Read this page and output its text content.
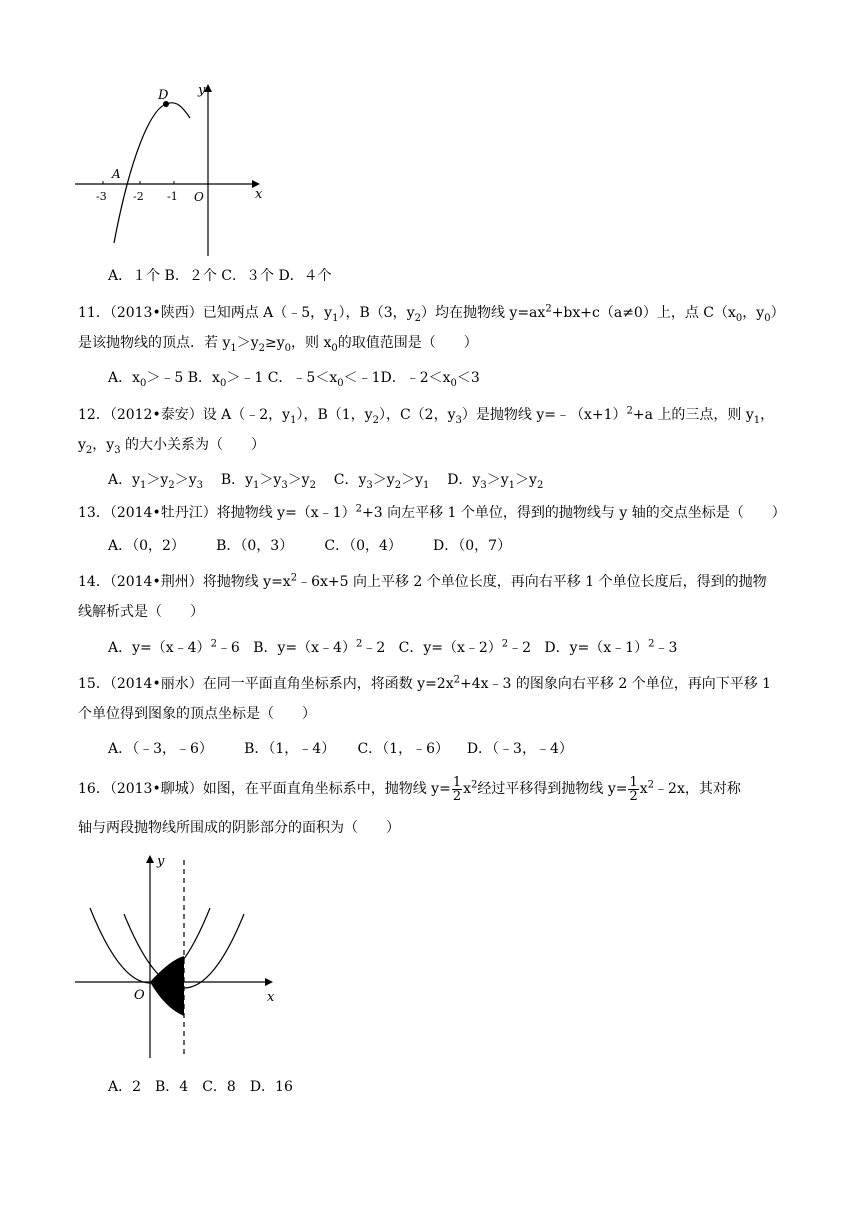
D
A
y
x
O
-3 -2 -1
A．１个 B．２个 C．３个 D．４个
11．（2013•陕西）已知两点 A（﹣5，$y_1$），B（3，$y_2$）均在抛物线 $y=ax^2+bx+c(a\ne 0)$上，点 $C(x_0$，$y_0$）
是该抛物线的顶点．若 $y_1>y_2\ge y_0$，则 $x_0$的取值范围是（　　）
A．$x_0>﹣5$ B．$x_0>﹣1$ C．$﹣5<x_0<﹣1D$．$﹣2<x_0<3$
12．（2012•泰安）设 A（﹣2，$y_1$），B（1，$y_2$），C（2，$y_3$）是抛物线 $y=﹣(x+1)^2+a$ 上的三点，则 $y_1$，
$y_2$，$y_3$ 的大小关系为（　　）
A．$y_1>y_2>y_3$ B．$y_1>y_3>y_2$ C．$y_3>y_2>y_1$ D．$y_3>y_1>y_2$
13．（2014•牡丹江）将抛物线 y=（x﹣1）$^2$+3 向左平移 1 个单位，得到的抛物线与 y 轴的交点坐标是（　　）
A．（0，2） B．（0，3） C．（0，4） D．（0，7）
14．（2014•荆州）将抛物线 $y=x^2﹣6x+5$ 向上平移 2 个单位长度，再向右平移 1 个单位长度后，得到的抛物
线解析式是（　　）
A．y=（x﹣4）$^2$﹣6 B．y=（x﹣4）$^2$﹣2 C．y=（x﹣2）$^2$﹣2 D．y=（x﹣1）$^2$﹣3
15．（2014•丽水）在同一平面直角坐标系内，将函数 $y=2x^2+4x﹣3$ 的图象向右平移 2 个单位，再向下平移 1
个单位得到图象的顶点坐标是（　　）
A．（﹣3，﹣6） B．（1，﹣4） C．（1，﹣6） D．（﹣3，﹣4）
16．（2013•聊城）如图，在平面直角坐标系中，抛物线 $y= \frac{1}{2} x^2$经过平移得到抛物线 $y= \frac{1}{2}$ $x^2﹣2x$，其对称
轴与两段抛物线所围成的阴影部分的面积为（　　）
y
x
O
A．2　B．4　C．8　D．16
